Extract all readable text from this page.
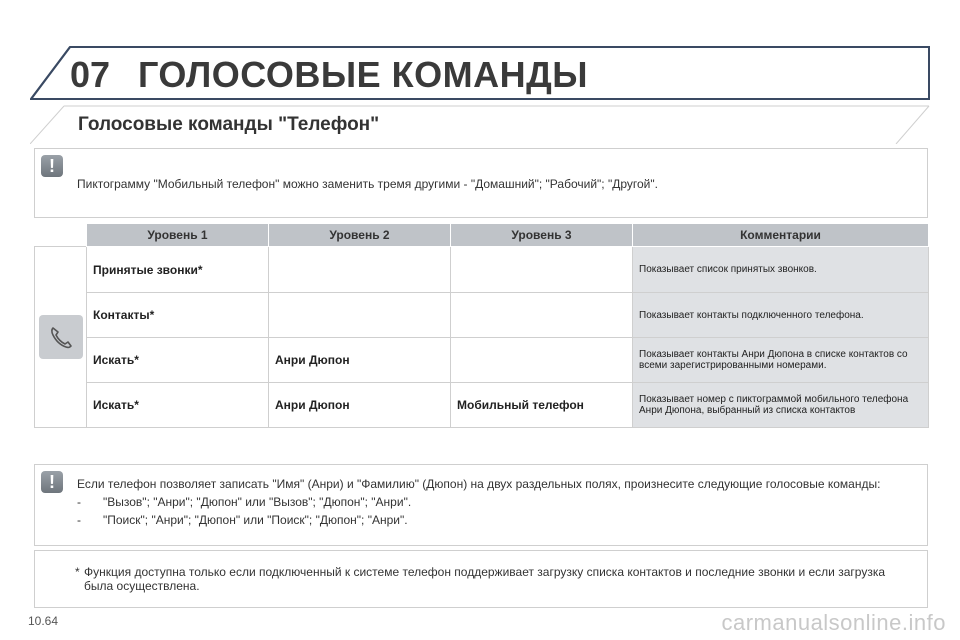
07 ГОЛОСОВЫЕ КОМАНДЫ
Голосовые команды "Телефон"
!
Пиктограмму "Мобильный телефон" можно заменить тремя другими - "Домашний"; "Рабочий"; "Другой".
	Уровень 1	Уровень 2	Уровень 3	Комментарии

	Принятые звонки*			Показывает список принятых звонков.
	Контакты*			Показывает контакты подключенного телефона.
	Искать*	Анри Дюпон		Показывает контакты Анри Дюпона в списке контактов со всеми зарегистрированными номерами.
	Искать*	Анри Дюпон	Мобильный телефон	Показывает номер с пиктограммой мобильного телефона Анри Дюпона, выбранный из списка контактов
!	Если телефон позволяет записать "Имя" (Анри) и "Фамилию" (Дюпон) на двух раздельных полях, произнесите следующие голосовые команды:
-	"Вызов"; "Анри"; "Дюпон" или "Вызов"; "Дюпон"; "Анри".
-	"Поиск"; "Анри"; "Дюпон" или "Поиск"; "Дюпон"; "Анри".
* Функция доступна только если подключенный к системе телефон поддерживает загрузку списка контактов и последние звонки и если загрузка была осуществлена.
10.64	carmanualsonline.info
